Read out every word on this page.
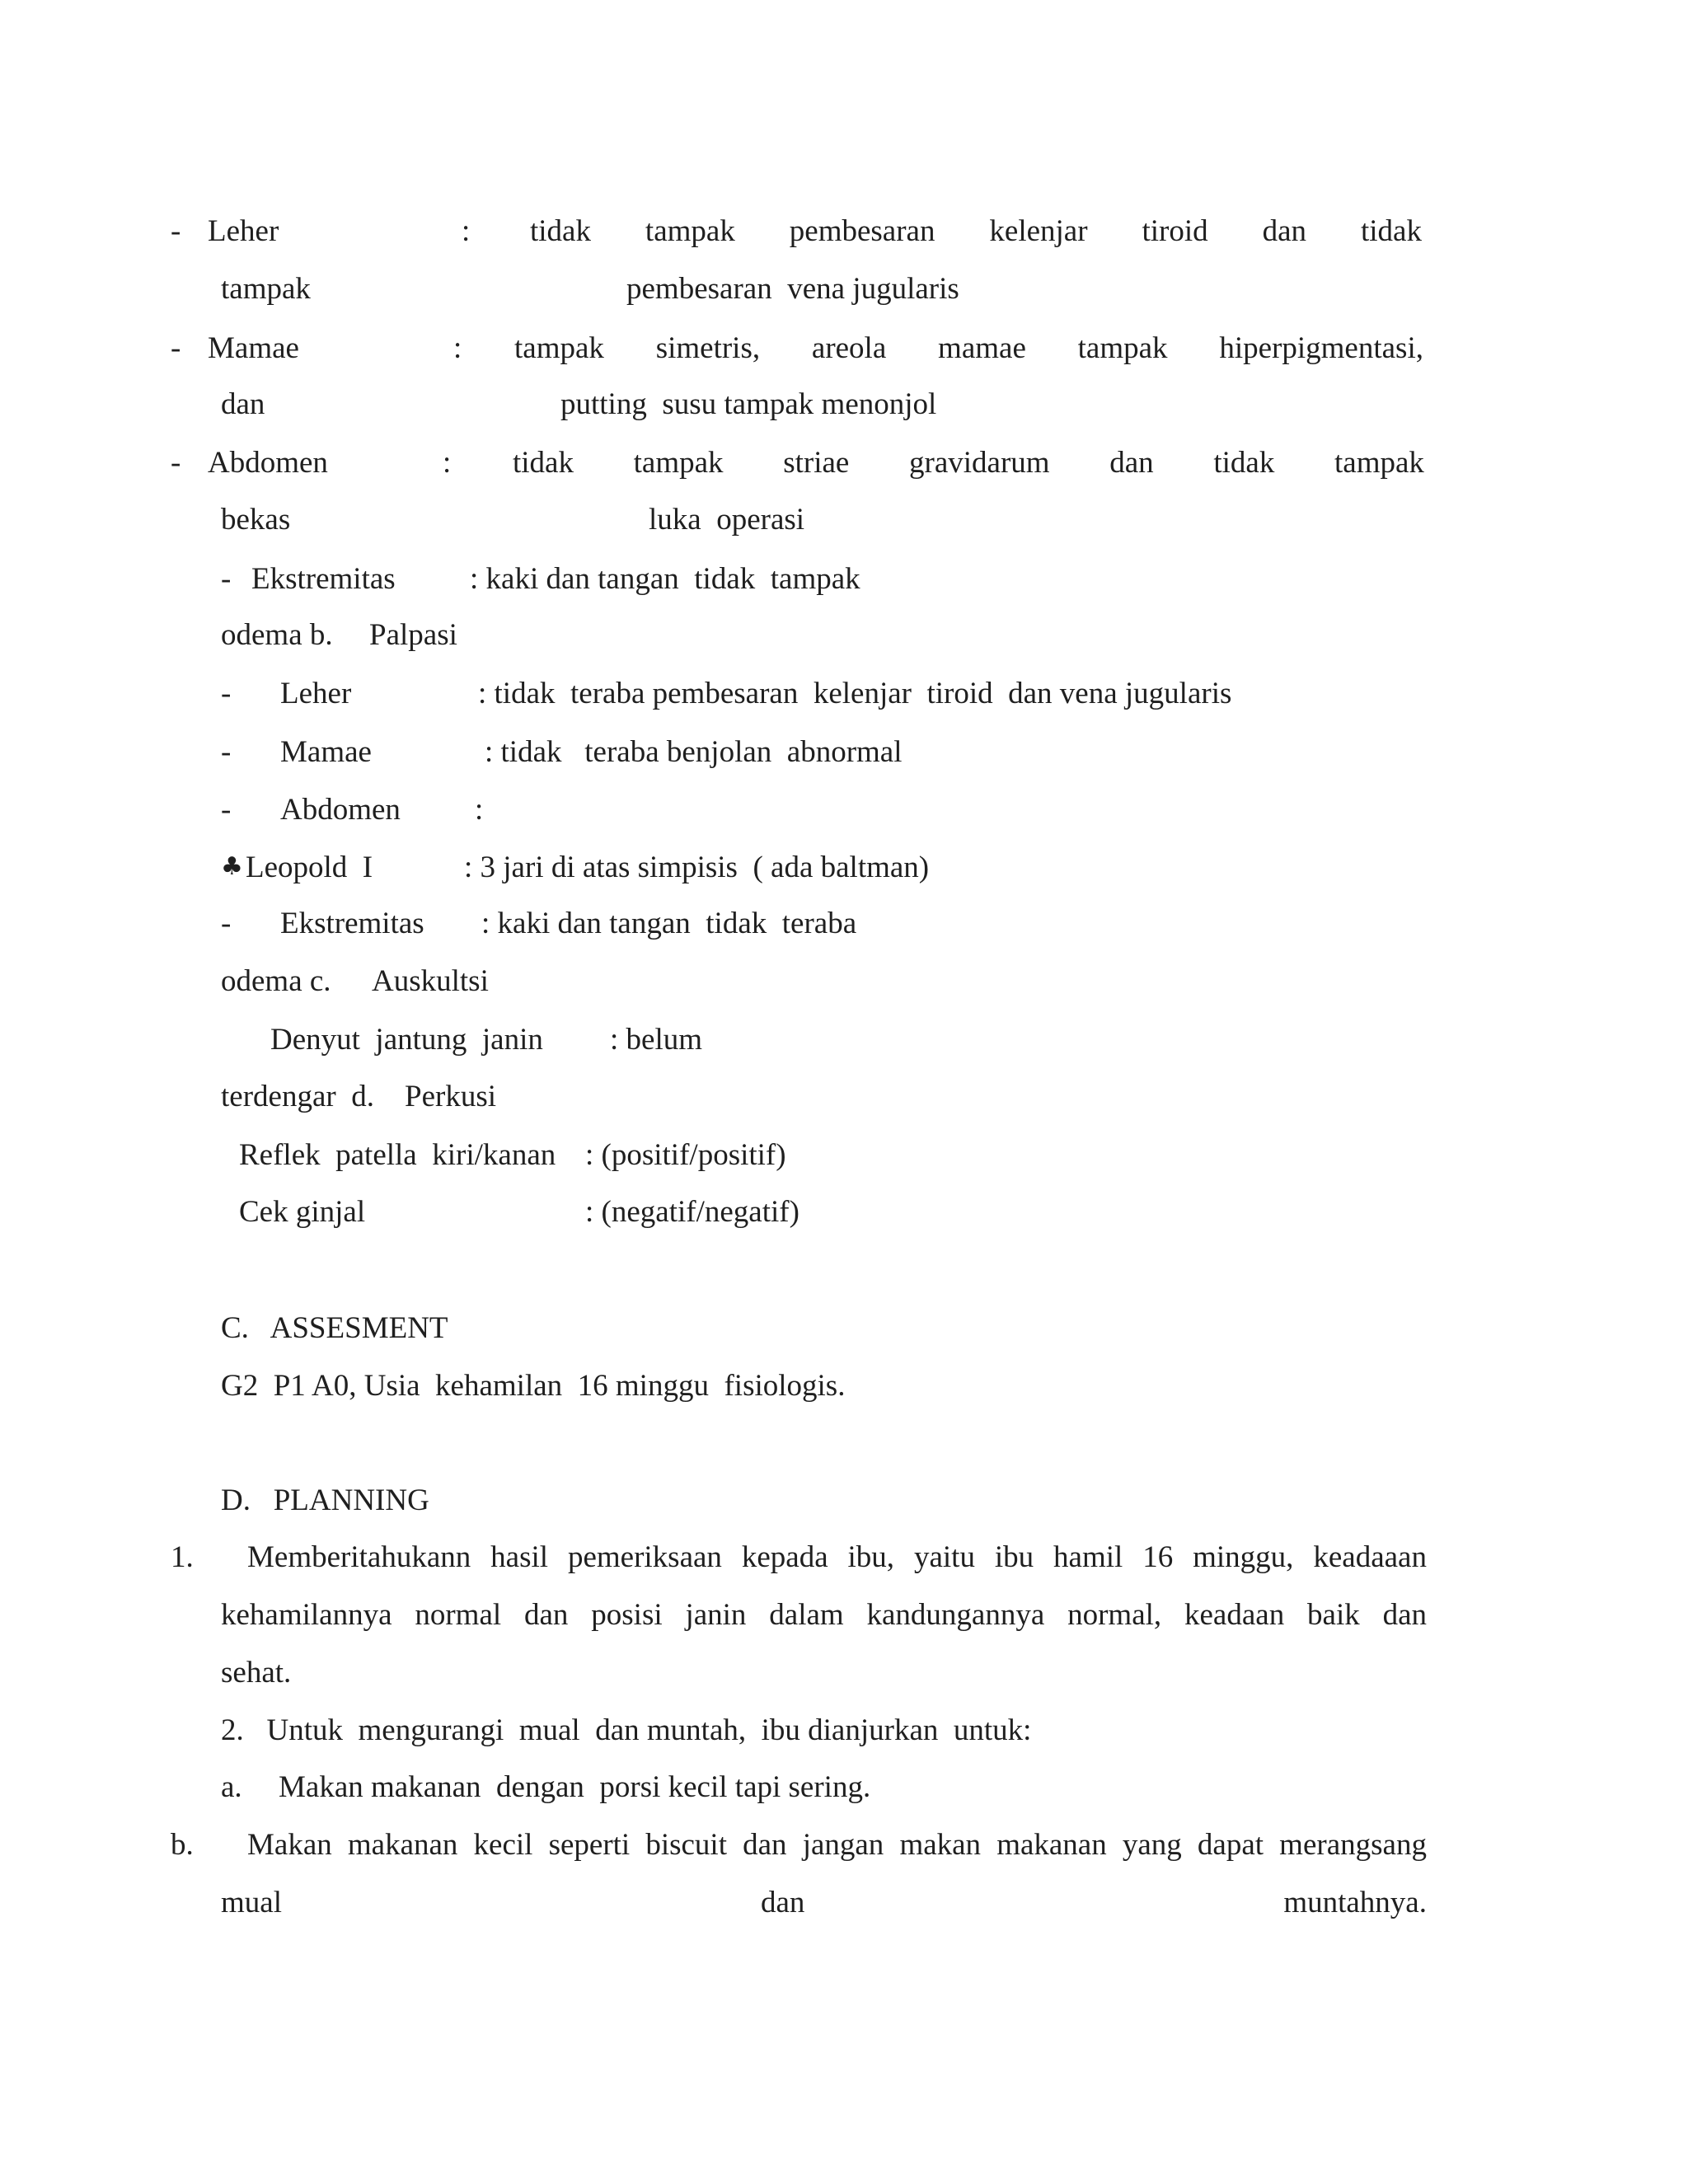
- Leher	: tidak tampak pembesaran kelenjar tiroid dan tidak
tampak	pembesaran  vena jugularis
- Mamae	: tampak simetris, areola mamae tampak hiperpigmentasi,
dan	putting  susu tampak menonjol
- Abdomen	: tidak tampak striae gravidarum dan tidak tampak
bekas	luka  operasi
- Ekstremitas : kaki dan tangan  tidak  tampak
odema b. Palpasi
- Leher	: tidak  teraba pembesaran  kelenjar  tiroid  dan vena jugularis
- Mamae	: tidak   teraba benjolan  abnormal
- Abdomen :
♣ Leopold  I	: 3 jari di atas simpisis  ( ada baltman)
- Ekstremitas : kaki dan tangan  tidak  teraba
odema c. Auskultsi
Denyut  jantung  janin : belum
terdengar  d. Perkusi
Reflek  patella  kiri/kanan : (positif/positif)
Cek ginjal	: (negatif/negatif)
C.   ASSESMENT
G2  P1 A0, Usia  kehamilan  16 minggu  fisiologis.
D.   PLANNING
1. Memberitahukann hasil pemeriksaan kepada ibu, yaitu ibu hamil 16 minggu, keadaaan
kehamilannya normal dan posisi janin dalam kandungannya normal, keadaan baik dan
sehat.
2.   Untuk  mengurangi  mual  dan muntah,  ibu dianjurkan  untuk:
a. Makan makanan  dengan  porsi kecil tapi sering.
b. Makan makanan kecil seperti biscuit dan jangan makan makanan yang dapat merangsang
mual	dan	muntahnya.
